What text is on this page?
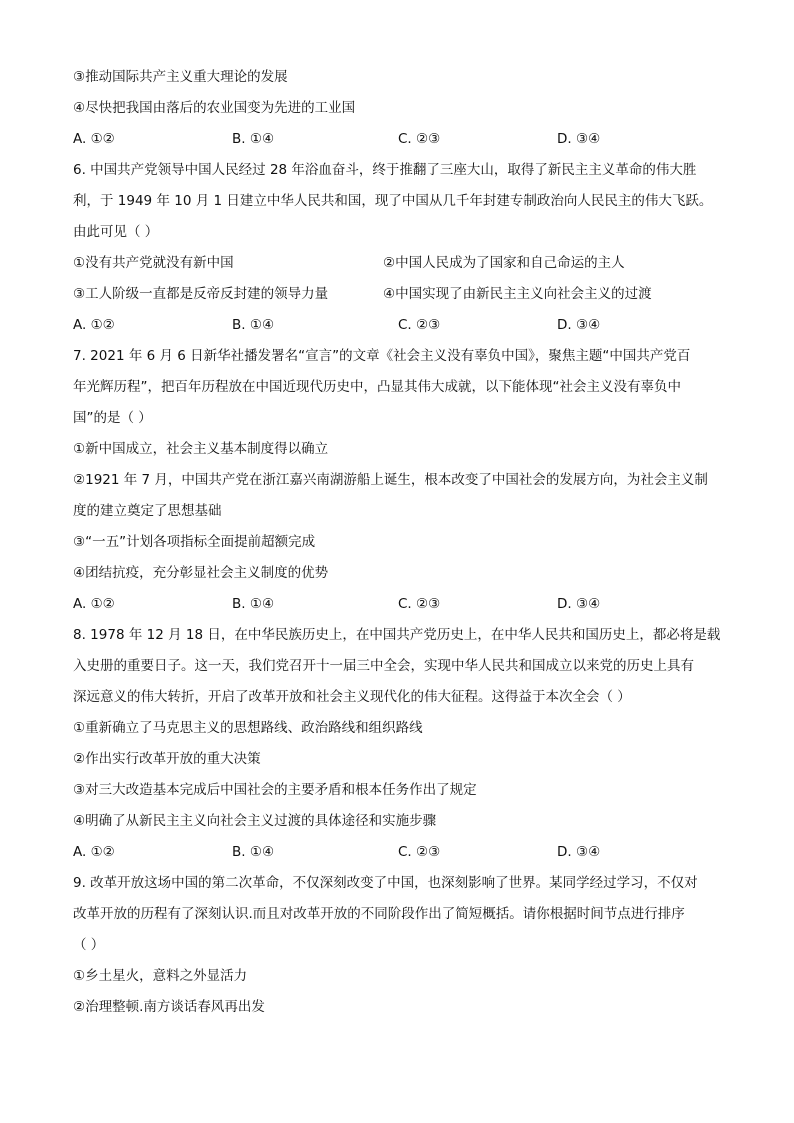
③推动国际共产主义重大理论的发展
④尽快把我国由落后的农业国变为先进的工业国
A. ①②	B. ①④	C. ②③	D. ③④
6. 中国共产党领导中国人民经过 28 年浴血奋斗，终于推翻了三座大山，取得了新民主主义革命的伟大胜
利，于 1949 年 10 月 1 日建立中华人民共和国，现了中国从几千年封建专制政治向人民民主的伟大飞跃。
由此可见（ ）
①没有共产党就没有新中国	②中国人民成为了国家和自己命运的主人
③工人阶级一直都是反帝反封建的领导力量	④中国实现了由新民主主义向社会主义的过渡
A. ①②	B. ①④	C. ②③	D. ③④
7. 2021 年 6 月 6 日新华社播发署名“宣言”的文章《社会主义没有辜负中国》，聚焦主题“中国共产党百
年光辉历程”，把百年历程放在中国近现代历史中，凸显其伟大成就，以下能体现“社会主义没有辜负中
国”的是（ ）
①新中国成立，社会主义基本制度得以确立
②1921 年 7 月，中国共产党在浙江嘉兴南湖游船上诞生，根本改变了中国社会的发展方向，为社会主义制
度的建立奠定了思想基础
③“一五”计划各项指标全面提前超额完成
④团结抗疫，充分彰显社会主义制度的优势
A. ①②	B. ①④	C. ②③	D. ③④
8. 1978 年 12 月 18 日，在中华民族历史上，在中国共产党历史上，在中华人民共和国历史上，都必将是载
入史册的重要日子。这一天，我们党召开十一届三中全会，实现中华人民共和国成立以来党的历史上具有
深远意义的伟大转折，开启了改革开放和社会主义现代化的伟大征程。这得益于本次全会（ ）
①重新确立了马克思主义的思想路线、政治路线和组织路线
②作出实行改革开放的重大决策
③对三大改造基本完成后中国社会的主要矛盾和根本任务作出了规定
④明确了从新民主主义向社会主义过渡的具体途径和实施步骤
A. ①②	B. ①④	C. ②③	D. ③④
9. 改革开放这场中国的第二次革命，不仅深刻改变了中国，也深刻影响了世界。某同学经过学习，不仅对
改革开放的历程有了深刻认识.而且对改革开放的不同阶段作出了简短概括。请你根据时间节点进行排序
（ ）
①乡土星火，意料之外显活力
②治理整顿.南方谈话春风再出发
